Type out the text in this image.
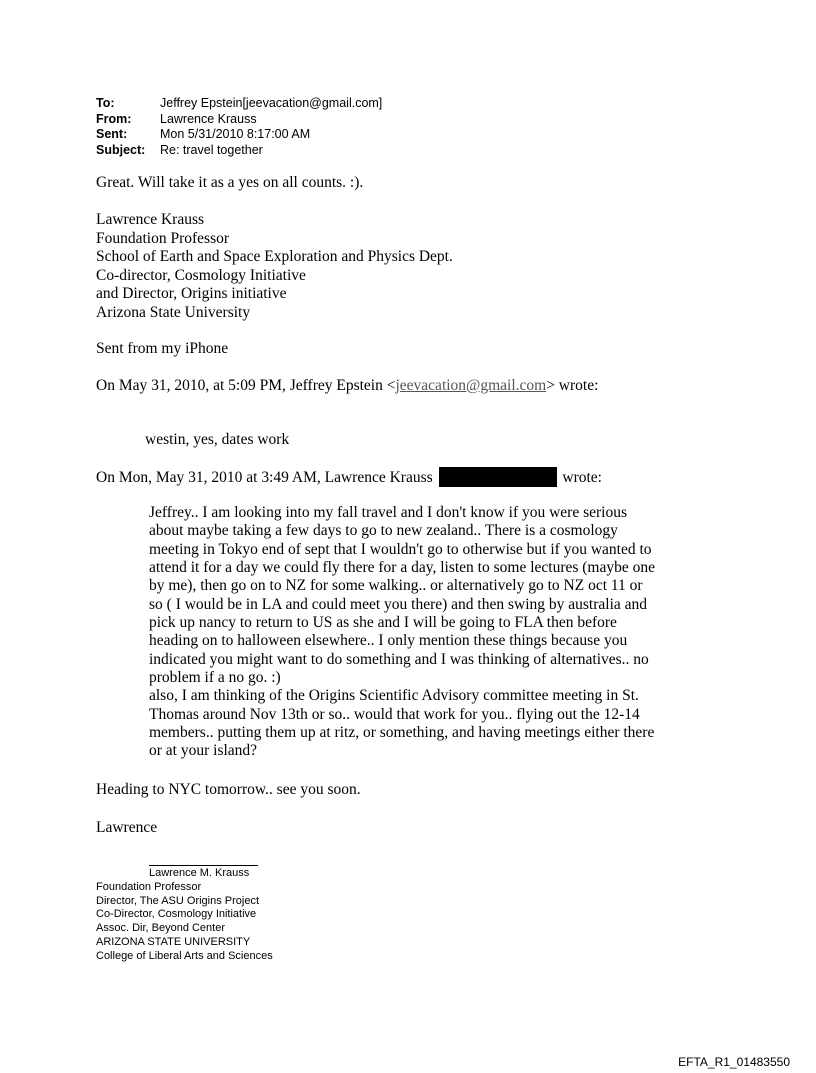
To:	Jeffrey Epstein[jeevacation@gmail.com]
From:	Lawrence Krauss
Sent:	Mon 5/31/2010 8:17:00 AM
Subject:	Re: travel together
Great. Will take it as a yes on all counts. :).
Lawrence Krauss
Foundation Professor
School of Earth and Space Exploration and Physics Dept.
Co-director, Cosmology Initiative
and Director, Origins initiative
Arizona State University
Sent from my iPhone
On May 31, 2010, at 5:09 PM, Jeffrey Epstein <jeevacation@gmail.com> wrote:
westin, yes, dates work
On Mon, May 31, 2010 at 3:49 AM, Lawrence Krauss	wrote:
Jeffrey.. I am looking into my fall travel and I don't know if you were serious
about maybe taking a few days to go to new zealand.. There is a cosmology
meeting in Tokyo end of sept that I wouldn't go to otherwise but if you wanted to
attend it for a day we could fly there for a day, listen to some lectures (maybe one
by me), then go on to NZ for some walking.. or alternatively go to NZ oct 11 or
so ( I would be in LA and could meet you there) and then swing by australia and
pick up nancy to return to US as she and I will be going to FLA then before
heading on to halloween elsewhere.. I only mention these things because you
indicated you might want to do something and I was thinking of alternatives.. no
problem if a no go. :)
also, I am thinking of the Origins Scientific Advisory committee meeting in St.
Thomas around Nov 13th or so.. would that work for you.. flying out the 12-14
members.. putting them up at ritz, or something, and having meetings either there
or at your island?
Heading to NYC tomorrow.. see you soon.
Lawrence
Lawrence M. Krauss
Foundation Professor
Director, The ASU Origins Project
Co-Director, Cosmology Initiative
Assoc. Dir, Beyond Center
ARIZONA STATE UNIVERSITY
College of Liberal Arts and Sciences
EFTA_R1_01483550
